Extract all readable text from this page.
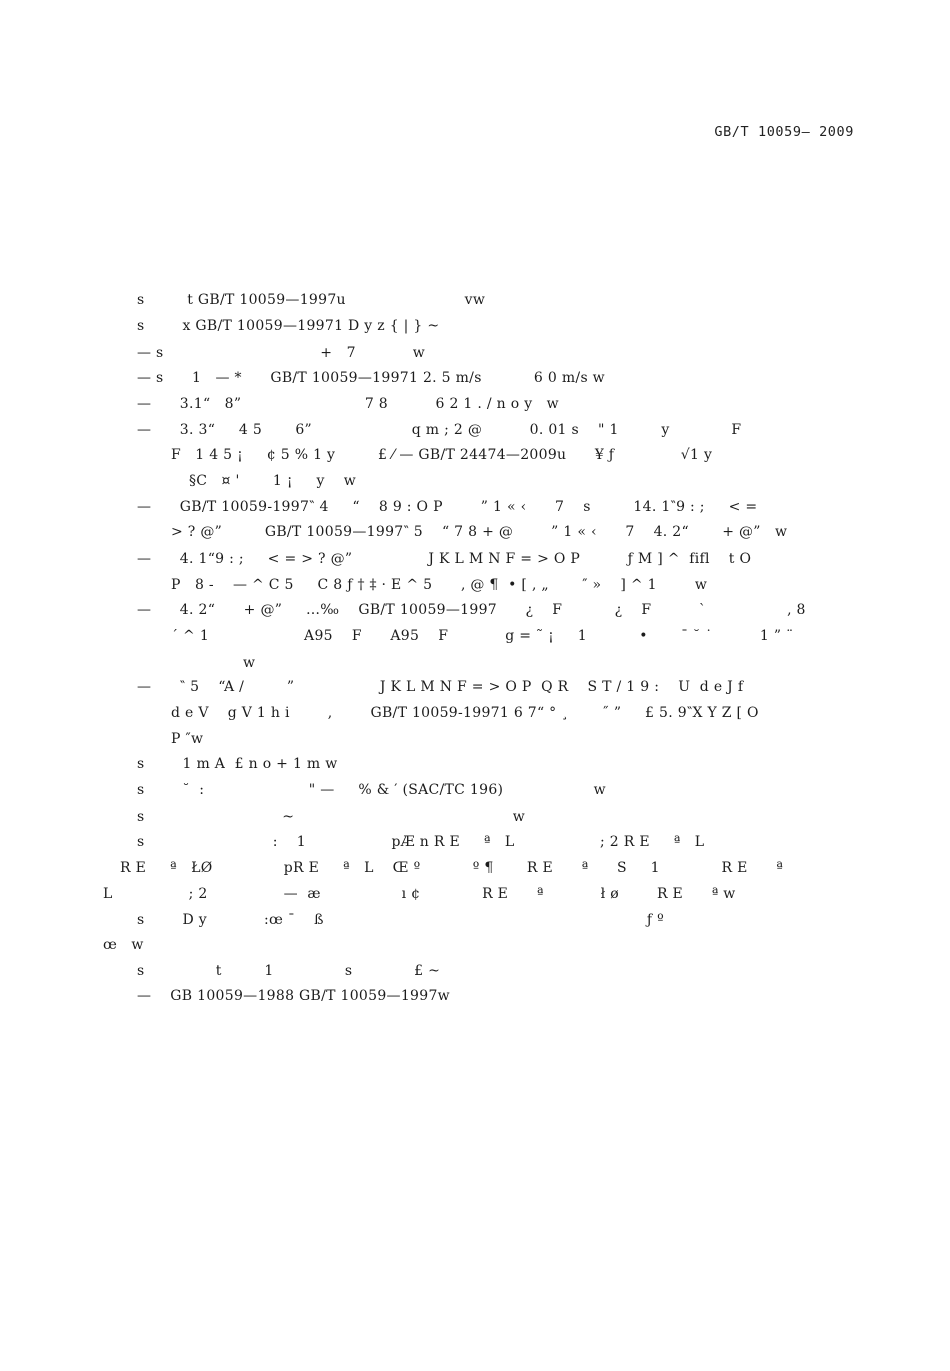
GB/T 10059— 2009
s         t GB/T 10059—1997u                         vw
s        x GB/T 10059—19971 D y z { | } ~
— s                                 +   7            w
— s      1   — *      GB/T 10059—19971 2. 5 m/s           6 0 m/s w
—      3.1“   8”                          7 8          6 2 1 . / n o y   w
—      3. 3“     4 5       6”                     q m ; 2 @          0. 01 s    " 1         y             F
F   1 4 5 ¡     ¢ 5 % 1 y         £ ⁄ — GB/T 24474—2009u      ¥ ƒ              √1 y
§C   ¤ '       1 ¡     y    w
—      GB/T 10059-1997‶ 4     “    8 9 : O P        ” 1 « ‹      7    s         14. 1‶9 : ;     < =
> ? @”         GB/T 10059—1997‶ 5    “ 7 8 + @        ” 1 « ‹      7    4. 2“       + @”   w
—      4. 1“9 : ;     < = > ? @”                J K L M N F = > O P          ƒ M ] ^  fifl    t O
P   8 -    — ^ C 5     C 8 ƒ † ‡ · E ^ 5      ‚ @ ¶  • [ ‚ „       ″ »    ] ^ 1        w
—      4. 2“      + @”     …‰    GB/T 10059—1997      ¿    F           ¿    F          `                 ‚ 8
´ ^ 1                    A95    F      A95    F            g = ˜ ¡     1           •       ¯ ˘ ˙          1 ” ¨
w
—      ‶ 5    “A /         ”                  J K L M N F = > O P  Q R    S T / 1 9 :    U  d e J f
d e V    g V 1 h i        ,        GB/T 10059-19971 6 7“ ° ¸       ˝ ”     £ 5. 9‶X Y Z [ O
P ″w
s        1 m A  £ n o + 1 m w
s        ˘  :                      " —     % & ′ (SAC/TC 196)                   w
s                             ~                                              w
s                           :    1                  pÆ n R E     ª   L                  ; 2 R E     ª   L
R E     ª   ŁØ               pR E     ª   L    Œ º           º ¶       R E      ª      S     1             R E      ª
L                ; 2                —  æ                 ı ¢             R E      ª            ł ø        R E      ª w
s        D y            :œ ¯    ß                                                                    ƒ º
œ   w
s               t         1               s             £ ~
—    GB 10059—1988 GB/T 10059—1997w
